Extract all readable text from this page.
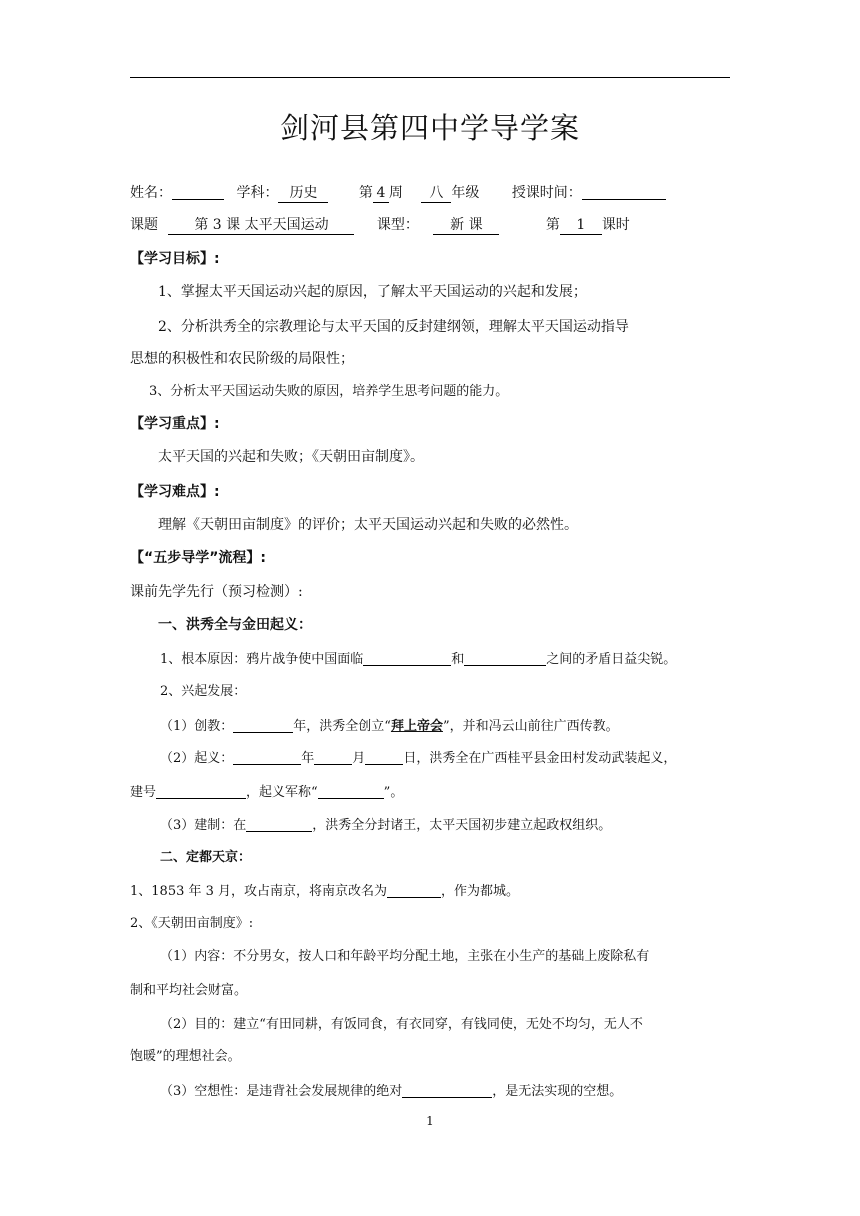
剑河县第四中学导学案
姓名：	学科： 历史	第 4 周 八 年级 授课时间：
课题	第 3 课 太平天国运动	课型： 新 课	第 1 课时
【学习目标】:
1、掌握太平天国运动兴起的原因，了解太平天国运动的兴起和发展；
2、分析洪秀全的宗教理论与太平天国的反封建纲领，理解太平天国运动指导
思想的积极性和农民阶级的局限性；
3、分析太平天国运动失败的原因，培养学生思考问题的能力。
【学习重点】:
太平天国的兴起和失败；《天朝田亩制度》。
【学习难点】:
理解《天朝田亩制度》的评价；太平天国运动兴起和失败的必然性。
【“五步导学”流程】:
课前先学先行（预习检测）:
一、洪秀全与金田起义：
1、根本原因：鸦片战争使中国面临	和	之间的矛盾日益尖锐。
2、兴起发展：
（1）创教：	年，洪秀全创立“拜上帝会”，并和冯云山前往广西传教。
（2）起义：	年	月	日，洪秀全在广西桂平县金田村发动武装起义，
建号	，起义军称“	”。
（3）建制：在	，洪秀全分封诸王，太平天国初步建立起政权组织。
二、定都天京：
1、1853 年 3 月，攻占南京，将南京改名为	，作为都城。
2、《天朝田亩制度》:
（1）内容：不分男女，按人口和年龄平均分配土地，主张在小生产的基础上废除私有
制和平均社会财富。
（2）目的：建立“有田同耕，有饭同食，有衣同穿，有钱同使，无处不均匀，无人不
饱暖”的理想社会。
（3）空想性：是违背社会发展规律的绝对	，是无法实现的空想。
1
